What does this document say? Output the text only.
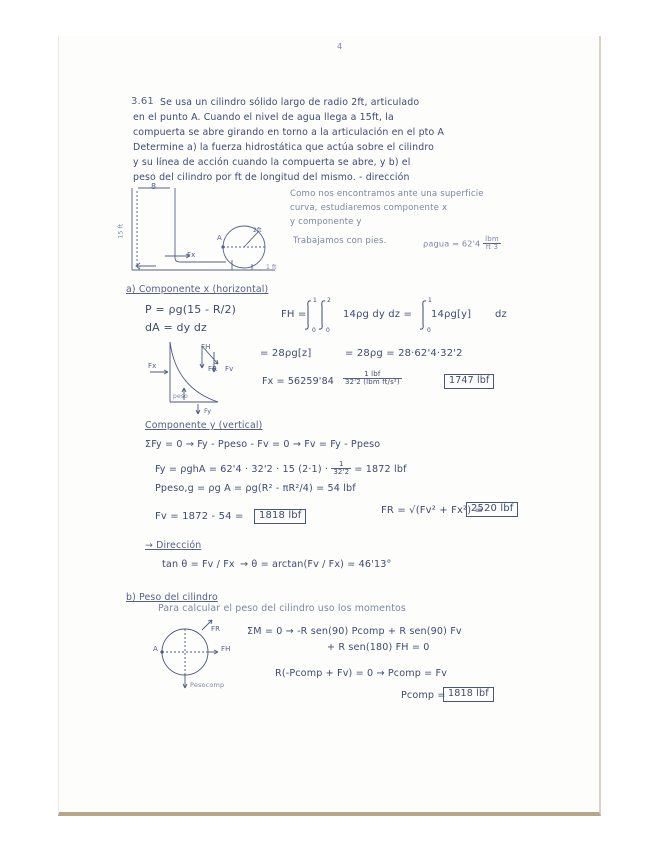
4
3.61 Se usa un cilindro sólido largo de radio 2ft, articulado
en el punto A. Cuando el nivel de agua llega a 15ft, la
compuerta se abre girando en torno a la articulación en el pto A
Determine a) la fuerza hidrostática que actúa sobre el cilindro
y su línea de acción cuando la compuerta se abre, y b) el
peso del cilindro por ft de longitud del mismo. - dirección
8
15 ft
Fx
A
2ft
x	1 ft
Como nos encontramos ante una superficie
curva, estudiaremos componente x
y componente y
Trabajamos con pies.	ρagua = $62'4 \frac{\text{lbm}}{ft 3}$
a) Componente x (horizontal)
P = ρg(15 - R/2)
dA = dy dz
FH =
1 2
0 0
14ρg dy dz =
1
0
14ρg[y] dz
FH
Fx	FR Fv
peso
Fy
= 28ρg[z]	= 28ρg = 28·62'4·32'2
$Fx = 56259'84 \frac{\text{1 lbf}}{\text{32'2 (lbm ft/s²)}}$	1747 lbf
Componente y (vertical)
ΣFy = 0 → Fy - Ppeso - Fv = 0 → Fv = Fy - Ppeso
Fy = ρghA = 62'4 · 32'2 · 15 $(2\cdot 1) \cdot \frac{1}{32'2} = 1872$ lbf
Ppeso,g = ρg A = ρg(R² - πR²/4) = 54 lbf
Fv = 1872 - 54 =	1818 lbf	FR = √(Fv² + Fx²) =
2520 lbf
→ Dirección
tan θ = Fv / Fx → θ = arctan(Fv / Fx) = 46'13°
b) Peso del cilindro
Para calcular el peso del cilindro uso los momentos
FR
FH
A
Pesocomp
ΣM = 0 → -R sen(90) Pcomp + R sen(90) Fv
+ R sen(180) FH = 0
R(-Pcomp + Fv) = 0 → Pcomp = Fv
Pcomp = 1818 lbf
